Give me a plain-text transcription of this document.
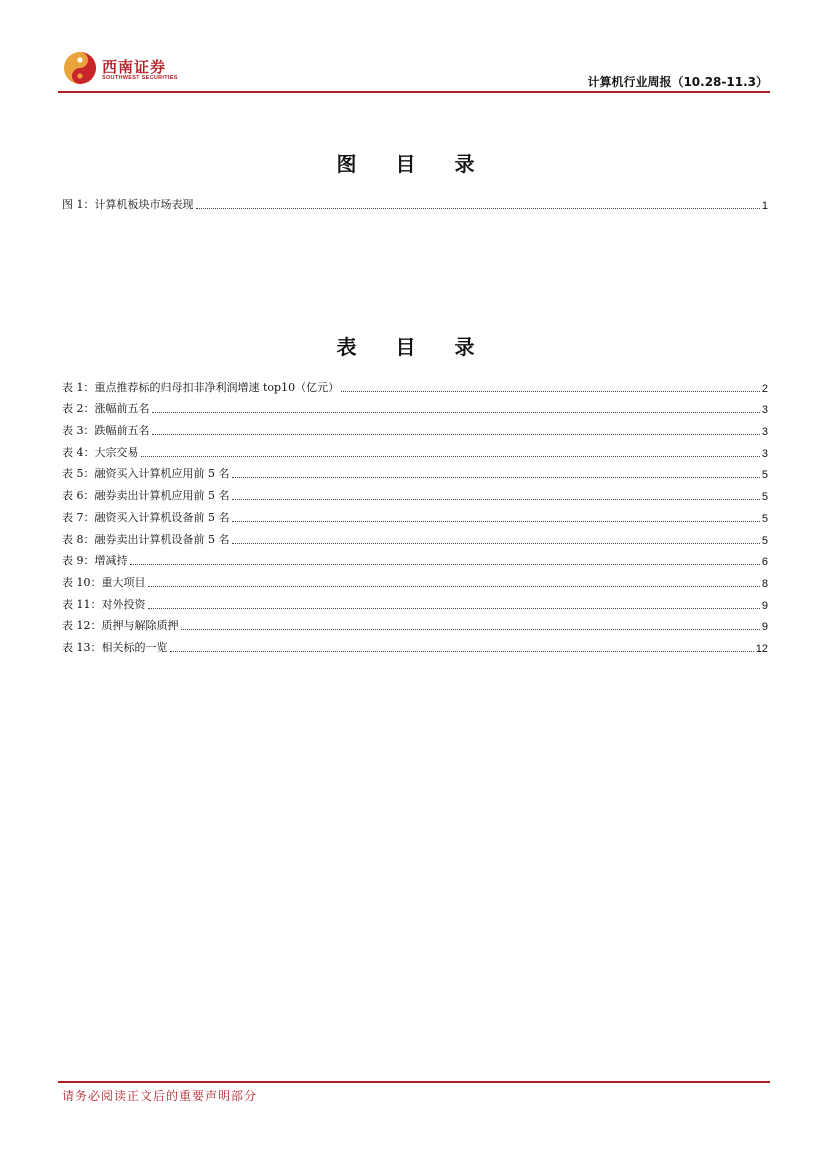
西南证券
SOUTHWEST SECURITIES	计算机行业周报（10.28-11.3）
图 目 录
图 1：计算机板块市场表现	1
表 目 录
表 1：重点推荐标的归母扣非净利润增速 top10（亿元）	2
表 2：涨幅前五名	3
表 3：跌幅前五名	3
表 4：大宗交易	3
表 5：融资买入计算机应用前 5 名	5
表 6：融券卖出计算机应用前 5 名	5
表 7：融资买入计算机设备前 5 名	5
表 8：融券卖出计算机设备前 5 名	5
表 9：增减持	6
表 10：重大项目	8
表 11：对外投资	9
表 12：质押与解除质押	9
表 13：相关标的一览	12
请务必阅读正文后的重要声明部分
